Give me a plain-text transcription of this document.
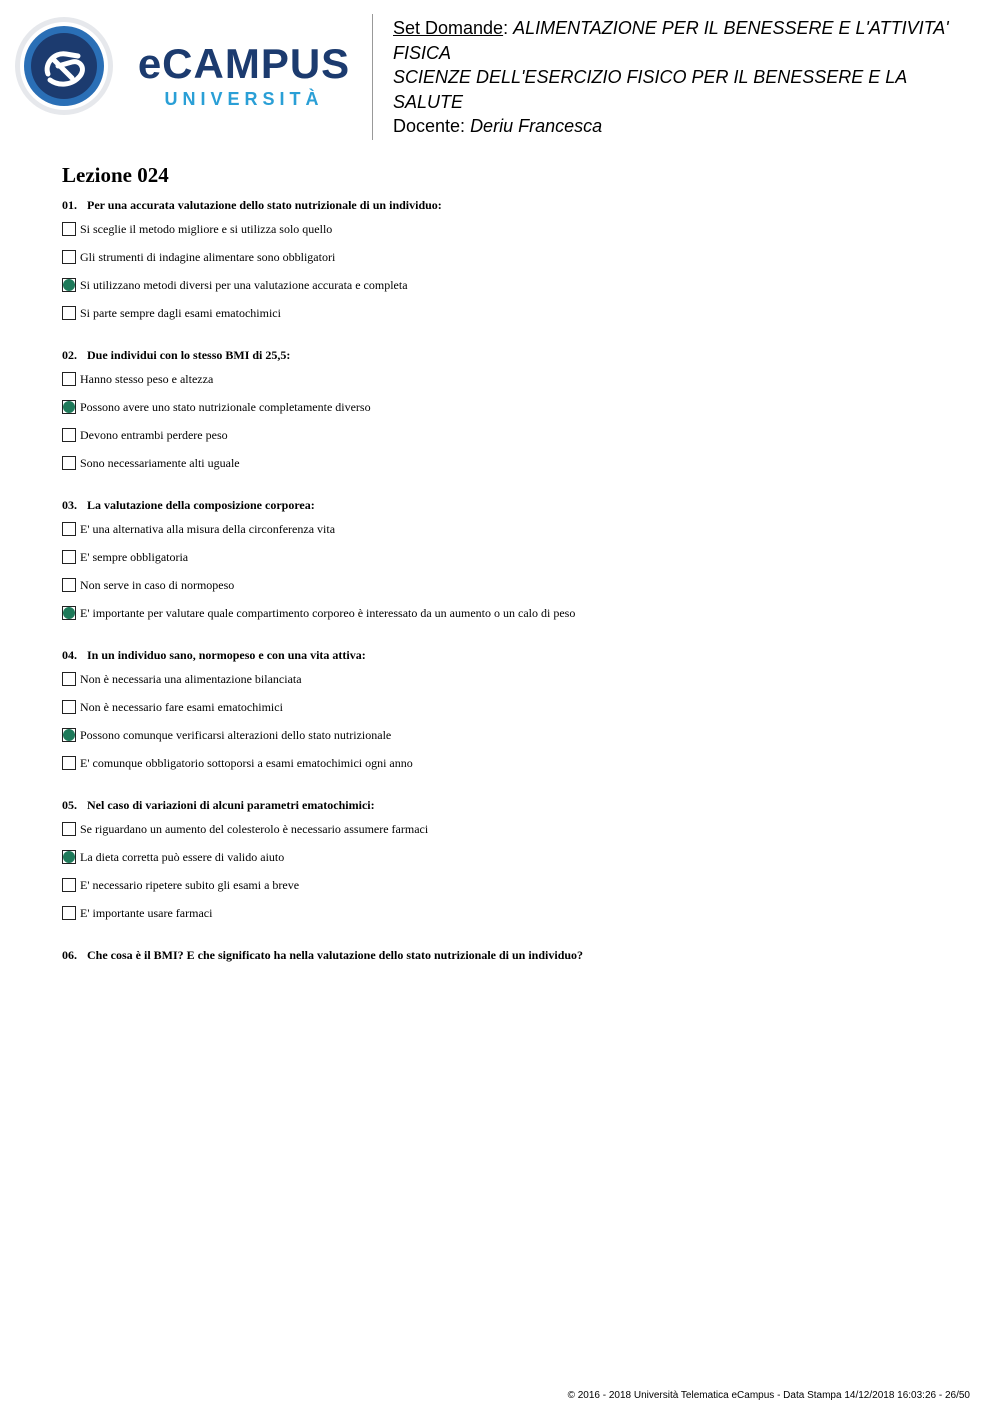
eCAMPUS
UNIVERSITÀ
Set Domande: ALIMENTAZIONE PER IL BENESSERE E L'ATTIVITA'
FISICA
SCIENZE DELL'ESERCIZIO FISICO PER IL BENESSERE E LA
SALUTE
Docente: Deriu Francesca
Lezione 024
01. Per una accurata valutazione dello stato nutrizionale di un individuo:
Si sceglie il metodo migliore e si utilizza solo quello
Gli strumenti di indagine alimentare sono obbligatori
Si utilizzano metodi diversi per una valutazione accurata e completa
Si parte sempre dagli esami ematochimici
02. Due individui con lo stesso BMI di 25,5:
Hanno stesso peso e altezza
Possono avere uno stato nutrizionale completamente diverso
Devono entrambi perdere peso
Sono necessariamente alti uguale
03. La valutazione della composizione corporea:
E' una alternativa alla misura della circonferenza vita
E' sempre obbligatoria
Non serve in caso di normopeso
E' importante per valutare quale compartimento corporeo è interessato da un aumento o un calo di peso
04. In un individuo sano, normopeso e con una vita attiva:
Non è necessaria una alimentazione bilanciata
Non è necessario fare esami ematochimici
Possono comunque verificarsi alterazioni dello stato nutrizionale
E' comunque obbligatorio sottoporsi a esami ematochimici ogni anno
05. Nel caso di variazioni di alcuni parametri ematochimici:
Se riguardano un aumento del colesterolo è necessario assumere farmaci
La dieta corretta può essere di valido aiuto
E' necessario ripetere subito gli esami a breve
E' importante usare farmaci
06. Che cosa è il BMI? E che significato ha nella valutazione dello stato nutrizionale di un individuo?
© 2016 - 2018 Università Telematica eCampus - Data Stampa 14/12/2018 16:03:26 - 26/50
